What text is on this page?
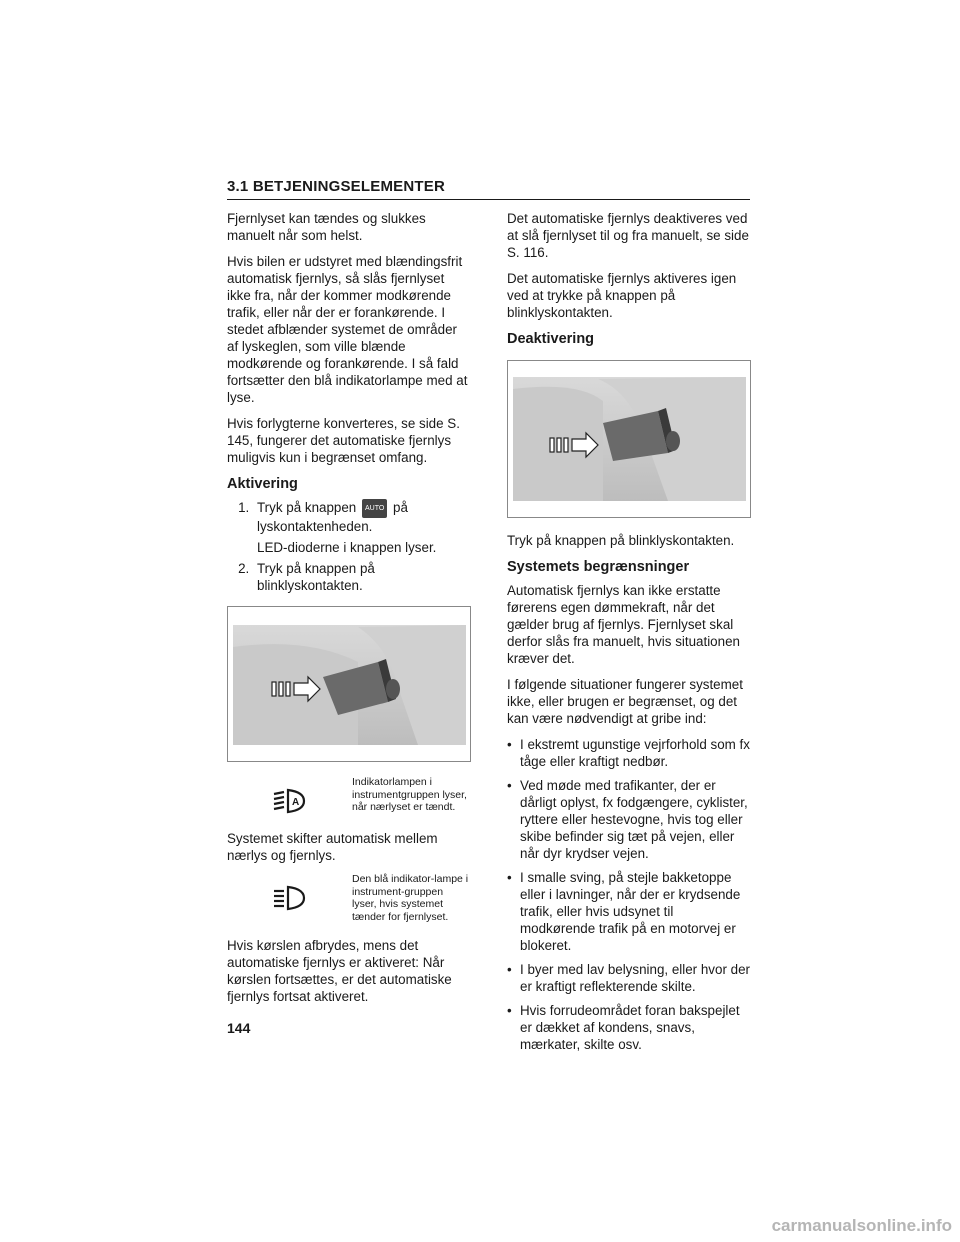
3.1 BETJENINGSELEMENTER

Fjernlyset kan tændes og slukkes manuelt når som helst.

Hvis bilen er udstyret med blændingsfrit automatisk fjernlys, så slås fjernlyset ikke fra, når der kommer modkørende trafik, eller når der er forankørende. I stedet afblænder systemet de områder af lyskeglen, som ville blænde modkørende og forankørende. I så fald fortsætter den blå indikatorlampe med at lyse.

Hvis forlygterne konverteres, se side S. 145, fungerer det automatiske fjernlys muligvis kun i begrænset omfang.

Aktivering
1. Tryk på knappen AUTO på lyskontaktenheden.
LED-dioderne i knappen lyser.
2. Tryk på knappen på blinklyskontakten.
A
Indikatorlampen i instrumentgruppen lyser, når nærlyset er tændt.

Systemet skifter automatisk mellem nærlys og fjernlys.

Den blå indikator-lampe i instrument-gruppen lyser, hvis systemet tænder for fjernlyset.

Hvis kørslen afbrydes, mens det automatiske fjernlys er aktiveret: Når kørslen fortsættes, er det automatiske fjernlys fortsat aktiveret.

Det automatiske fjernlys deaktiveres ved at slå fjernlyset til og fra manuelt, se side S. 116.

Det automatiske fjernlys aktiveres igen ved at trykke på knappen på blinklyskontakten.

Deaktivering

Tryk på knappen på blinklyskontakten.

Systemets begrænsninger

Automatisk fjernlys kan ikke erstatte førerens egen dømmekraft, når det gælder brug af fjernlys. Fjernlyset skal derfor slås fra manuelt, hvis situationen kræver det.

I følgende situationer fungerer systemet ikke, eller brugen er begrænset, og det kan være nødvendigt at gribe ind:

• I ekstremt ugunstige vejrforhold som fx tåge eller kraftigt nedbør.
• Ved møde med trafikanter, der er dårligt oplyst, fx fodgængere, cyklister, ryttere eller hestevogne, hvis tog eller skibe befinder sig tæt på vejen, eller når dyr krydser vejen.
• I smalle sving, på stejle bakketoppe eller i lavninger, når der er krydsende trafik, eller hvis udsynet til modkørende trafik på en motorvej er blokeret.
• I byer med lav belysning, eller hvor der er kraftigt reflekterende skilte.
• Hvis forrudeområdet foran bakspejlet er dækket af kondens, snavs, mærkater, skilte osv.
144
carmanualsonline.info
